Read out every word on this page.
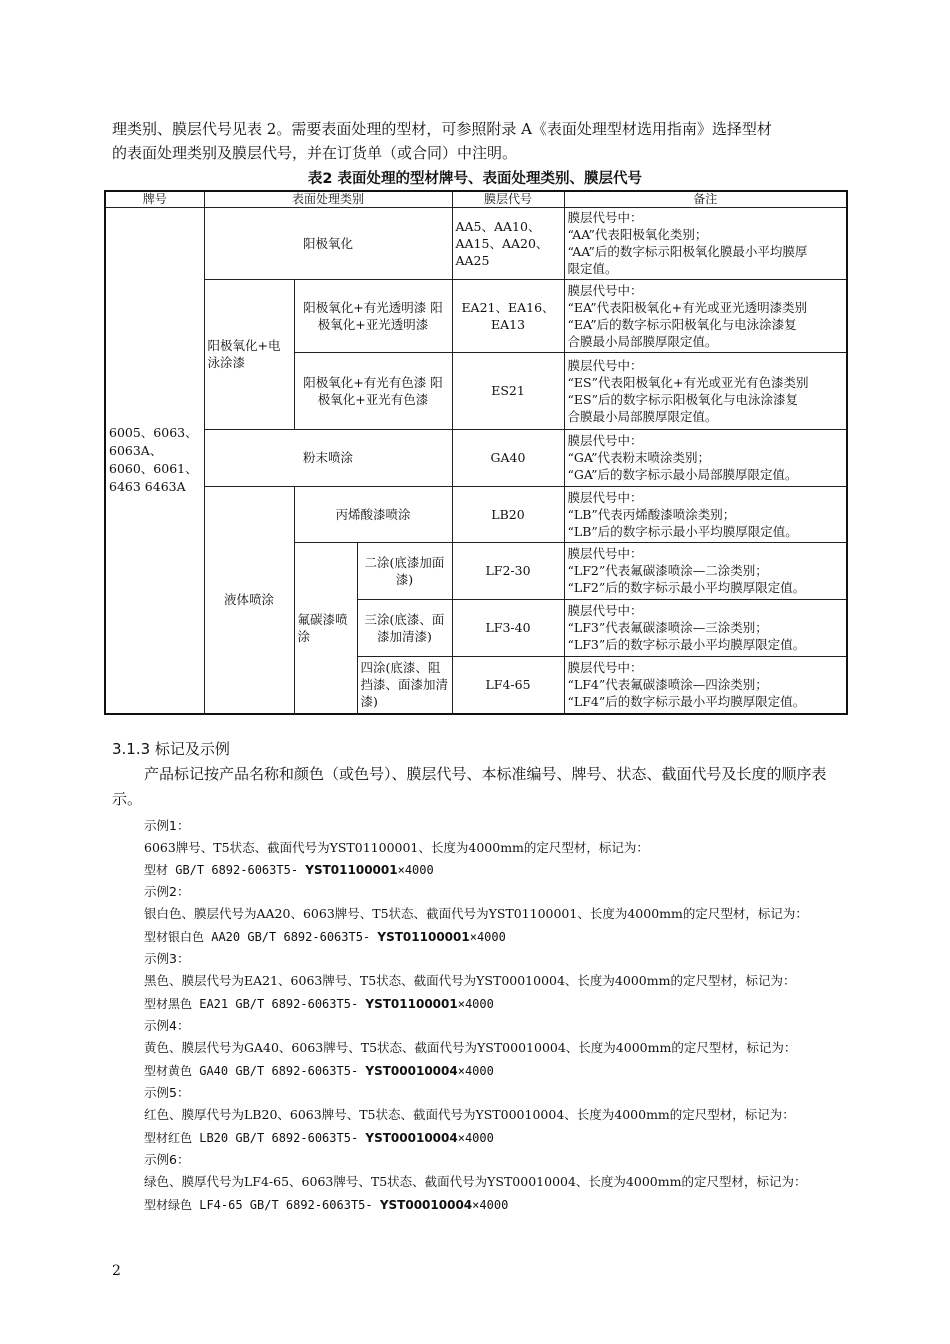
理类别、膜层代号见表 2。需要表面处理的型材，可参照附录 A《表面处理型材选用指南》选择型材
的表面处理类别及膜层代号，并在订货单（或合同）中注明。
表2 表面处理的型材牌号、表面处理类别、膜层代号
牌号	表面处理类别			膜层代号	备注
6005、6063、6063A、6060、6061、6463 6463A	阳极氧化			AA5、AA10、AA15、AA20、AA25	膜层代号中：
“AA”代表阳极氧化类别；
“AA”后的数字标示阳极氧化膜最小平均膜厚
限定值。

	阳极氧化+电泳涂漆	阳极氧化+有光透明漆 阳极氧化+亚光透明漆		EA21、EA16、EA13	膜层代号中：
“EA”代表阳极氧化+有光或亚光透明漆类别
“EA”后的数字标示阳极氧化与电泳涂漆复
合膜最小局部膜厚限定值。

		阳极氧化+有光有色漆 阳极氧化+亚光有色漆		ES21	膜层代号中：
“ES”代表阳极氧化+有光或亚光有色漆类别
“ES”后的数字标示阳极氧化与电泳涂漆复
合膜最小局部膜厚限定值。

	粉末喷涂			GA40	膜层代号中：
“GA”代表粉末喷涂类别；
“GA”后的数字标示最小局部膜厚限定值。

	液体喷涂	丙烯酸漆喷涂		LB20	膜层代号中：
“LB”代表丙烯酸漆喷涂类别；
“LB”后的数字标示最小平均膜厚限定值。

		氟碳漆喷涂	二涂(底漆加面漆)	LF2-30	膜层代号中：
“LF2”代表氟碳漆喷涂—二涂类别；
“LF2”后的数字标示最小平均膜厚限定值。

			三涂(底漆、面漆加清漆)	LF3-40	膜层代号中：
“LF3”代表氟碳漆喷涂—三涂类别；
“LF3”后的数字标示最小平均膜厚限定值。

			四涂(底漆、阻挡漆、面漆加清漆)	LF4-65	膜层代号中：
“LF4”代表氟碳漆喷涂—四涂类别；
“LF4”后的数字标示最小平均膜厚限定值。
3.1.3 标记及示例
产品标记按产品名称和颜色（或色号）、膜层代号、本标准编号、牌号、状态、截面代号及长度的顺序表示。
示例1：
6063牌号、T5状态、截面代号为YST01100001、长度为4000mm的定尺型材，标记为：
型材 GB/T 6892-6063T5- YST01100001×4000
示例2：
银白色、膜层代号为AA20、6063牌号、T5状态、截面代号为YST01100001、长度为4000mm的定尺型材，标记为：
型材银白色 AA20 GB/T 6892-6063T5- YST01100001×4000
示例3：
黑色、膜层代号为EA21、6063牌号、T5状态、截面代号为YST00010004、长度为4000mm的定尺型材，标记为：
型材黑色 EA21 GB/T 6892-6063T5- YST01100001×4000
示例4：
黄色、膜层代号为GA40、6063牌号、T5状态、截面代号为YST00010004、长度为4000mm的定尺型材，标记为：
型材黄色 GA40 GB/T 6892-6063T5- YST00010004×4000
示例5：
红色、膜厚代号为LB20、6063牌号、T5状态、截面代号为YST00010004、长度为4000mm的定尺型材，标记为：
型材红色 LB20 GB/T 6892-6063T5- YST00010004×4000
示例6：
绿色、膜厚代号为LF4-65、6063牌号、T5状态、截面代号为YST00010004、长度为4000mm的定尺型材，标记为：
型材绿色 LF4-65 GB/T 6892-6063T5- YST00010004×4000
2
